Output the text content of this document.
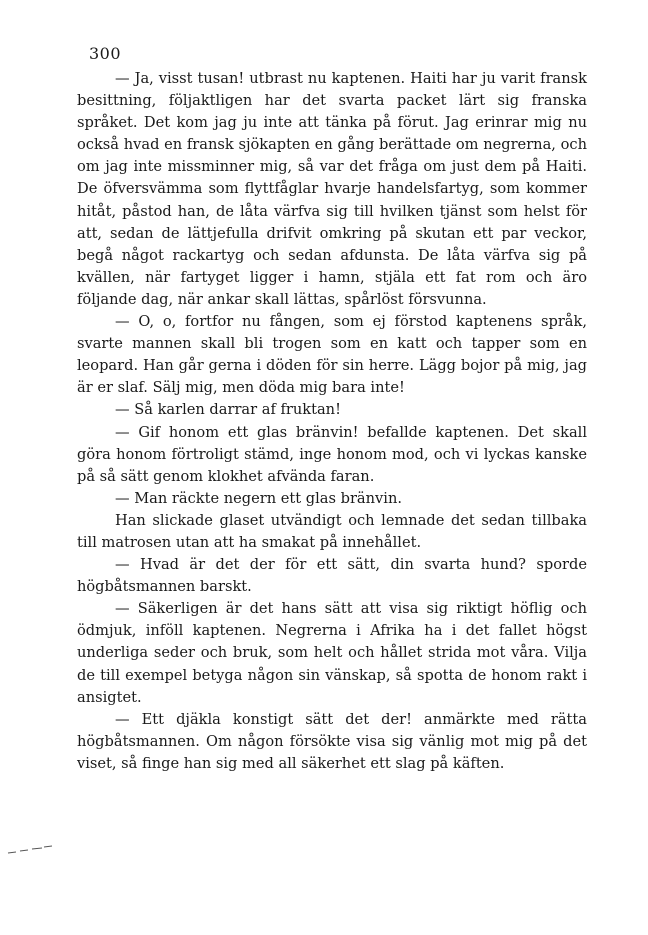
300

— Ja, visst tusan! utbrast nu kaptenen. Haiti har ju varit fransk besittning, följaktligen har det svarta packet lärt sig franska språket. Det kom jag ju inte att tänka på förut. Jag erinrar mig nu också hvad en fransk sjökapten en gång berättade om negrerna, och om jag inte missminner mig, så var det fråga om just dem på Haiti. De öfversvämma som flyttfåglar hvarje handelsfartyg, som kommer hitåt, påstod han, de låta värfva sig till hvilken tjänst som helst för att, sedan de lättjefulla drifvit omkring på skutan ett par veckor, begå något rackartyg och sedan afdunsta. De låta värfva sig på kvällen, när fartyget ligger i hamn, stjäla ett fat rom och äro följande dag, när ankar skall lättas, spårlöst försvunna.

— O, o, fortfor nu fången, som ej förstod kaptenens språk, svarte mannen skall bli trogen som en katt och tapper som en leopard. Han går gerna i döden för sin herre. Lägg bojor på mig, jag är er slaf. Sälj mig, men döda mig bara inte!

— Så karlen darrar af fruktan!

— Gif honom ett glas bränvin! befallde kaptenen. Det skall göra honom förtroligt stämd, inge honom mod, och vi lyckas kanske på så sätt genom klokhet afvända faran.

— Man räckte negern ett glas bränvin.

Han slickade glaset utvändigt och lemnade det sedan tillbaka till matrosen utan att ha smakat på innehållet.

— Hvad är det der för ett sätt, din svarta hund? sporde högbåtsmannen barskt.

— Säkerligen är det hans sätt att visa sig riktigt höflig och ödmjuk, inföll kaptenen. Negrerna i Afrika ha i det fallet högst underliga seder och bruk, som helt och hållet strida mot våra. Vilja de till exempel betyga någon sin vänskap, så spotta de honom rakt i ansigtet.

— Ett djäkla konstigt sätt det der! anmärkte med rätta högbåtsmannen. Om någon försökte visa sig vänlig mot mig på det viset, så finge han sig med all säkerhet ett slag på käften.
